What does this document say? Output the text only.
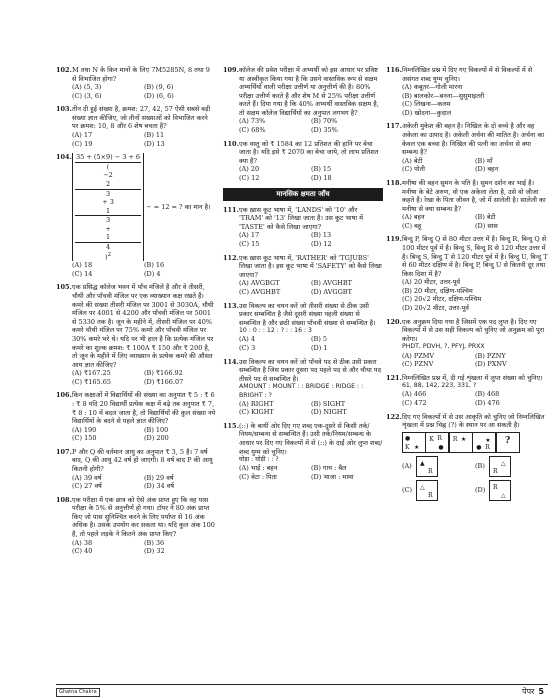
102. M तथा N के किन मानों के लिए 7M5285N, 8 तथा 9 से विभाजित होगा?
(A) (5, 3)	(B) (9, 6)
(C) (3, 6)	(D) (6, 6)
103. तीन दी हुई संख्या है, क्रमश: 27, 42, 57 ऐसी सबसे बड़ी संख्या ज्ञात कीजिए, जो तीनों संख्याओं को विभाजित करने पर क्रमश: 10, 8 और 6 शेष बचता है?
(A) 17	(B) 11
(C) 19	(D) 13
104. 35 + (5×9) − 3 + 6
(
−2
2
3
+ 3
1
3
+
1
4
)$^2$ − = 12 = ? का मान है।
(A) 18	(B) 16
(C) 14	(D) 4
105. एक प्रसिद्ध कॉलेज भवन में पाँच मंजिले है और वे तीसरी, चौथी और पाँचवी मंजिल पर एक व्याख्यान कक्ष रखते हैं। कमरे की संख्या तीसरी मंजिल पर 3001 से 3030A, चौथी मंजिल पर 4001 से 4200 और पाँचवी मंजिल पर 5001 से 5330 तक है। जून के महीने में, तीसरी मंजिल पर 40% कमरे चौथी मंजिल पर 75% कमरे और पाँचवी मंजिल पर 30% कमरे भरे थे। यदि पर भी हाल है कि प्रत्येक मंजिल पर कमरे का शुल्क क्रमश: ₹ 100A ₹ 150 और ₹ 200 है, तो जून के महीने में लिए व्याख्यान के प्रत्येक कमरे की औसत आय ज्ञात कीजिए?
(A) ₹167.25	(B) ₹166.92
(C) ₹165.65	(D) ₹166.07
106. किन कक्षाओं में विद्यार्थियों की संख्या का अनुपात ₹ 5 : ₹ 6 : ₹ 8 यदि 20 विद्यार्थी प्रत्येक कक्ष में बढ़े तब अनुपात ₹ 7, ₹ 8 : 10 में बदल जाता है, तो विद्यार्थियों की कुल संख्या नये विद्यार्थियों के बदने से पहले ज्ञात कीजिए?
(A) 190	(B) 100
(C) 150	(D) 200
107. P और Q की वर्तमान आयु का अनुपात ₹ 3, 5 है। 7 वर्ष बाद, Q की आयु 42 वर्ष हो जाएगी। 8 वर्ष बाद P की आयु कितनी होगी?
(A) 39 वर्ष	(B) 29 वर्ष
(C) 27 वर्ष	(D) 34 वर्ष
108. एक परीक्षा में एक छात्र को ऐसे अंक प्राप्त हुए कि वह पास परीक्षा के 5% से अनुत्तीर्ण हो गया। टॉपर ने 80 अंक प्राप्त किए जो पास सुनिश्चित करने के लिए पर्याप्त से 16 अंक अधिक है। उसके उपयोग कर सकता था। यदि कुल अंक 100 है, तो पहले लड़के ने कितने अंक प्राप्त किए?
(A) 38	(B) 36
(C) 40	(D) 32
109. कॉलेज की प्रवेश परीक्षा में अभ्यर्थी को इस आधार पर प्रविष्ट या अस्वीकृत किया गया है कि उसने वास्तविक रूप से सक्षम अभ्यर्थियों वाली परीक्षा उत्तीर्ण या अनुत्तीर्ण की है। 80% परीक्षा उत्तीर्ण करते है और शेष M से 25% परीक्षा उत्तीर्ण करते हैं। दिया गया है कि 40% अभ्यर्थी वास्तविक सक्षम है, तो सक्षम कॉलेज विद्यार्थियों का अनुपात लगभग है?
(A) 73%	(B) 70%
(C) 68%	(D) 35%
110. एक वस्तु को ₹ 1584 का 12 प्रतिशत की हानि पर बेचा जाता है। यदि इसे ₹ 2070 का बेचा जाये, तो लाभ प्रतिशत क्या है?
(A) 20	(B) 15
(C) 12	(D) 18
मानसिक क्षमता जाँच
111. एक ख़ास कूट भाषा में, 'LANDS' को '10' और 'TRAM' को '13' लिखा जाता है। उस कूट भाषा में 'TASTE' को कैसे लिखा जाएगा?
(A) 17	(B) 13
(C) 15	(D) 12
112. एक ख़ास कूट भाषा में, 'RATHER' को 'TGJUBS' लिखा जाता है। इस कूट भाषा में 'SAFETY' को कैसे लिखा जाएगा?
(A) AVGBGT	(B) AVGHBT
(C) AVGHBT	(D) AVGGBT
113. उस विकल्प का चयन करें जो तीसरी संख्या से ठीक उसी प्रकार सम्बन्धित है जैसे दूसरी संख्या पहली संख्या से सम्बन्धित है और छठी संख्या पाँचवी संख्या से सम्बन्धित है।
10 : 0 : : 12 : ? : : 16 : 3
(A) 4	(B) 5
(C) 3	(D) 1
114. उस विकल्प का चयन करें जो पाँचवे पद से ठीक उसी प्रकार सम्बन्धित है जिस प्रकार दूसरा पद पहले पद से और चौथा पद तीसरे पद से सम्बन्धित है।
AMOUNT : MOUNT : : BRIDGE : RIDGE : : BRIGHT : ?
(A) RIGHT	(B) SIGHT
(C) KIGHT	(D) NIGHT
115. (::) के बायीं ओर दिए गए शब्द एक-दूसरे से किसी तर्क/नियम/सम्बन्ध से सम्बन्धित हैं। उसी तर्क/नियम/सम्बन्ध के आधार पर दिए गए विकल्पों में से (::) के दाईं ओर लुप्त शब्द/शब्द युग्म को चुनिए।
घोड़ा : घोड़ी : : ?
(A) भाई : बहन	(B) गाय : बैल
(C) बेटा : पिता	(D) भाजा : मामा
116. निम्नलिखित प्रश्न में दिए गए विकल्पों में से विकल्पों में से असंगत शब्द युग्म चुनिए।
(A) कबूतर—गोली मारना
(B) बालकोर—बनना—सुसुमाइतरी
(C) लिखना—कलम
(D) खोदना—कुदाल
117. अकेली मुकेश की बहन है। निखिल के दो बच्चे है और वह अकेला का उत्पाद है। अकेली अर्चना की मातित है। अर्चना का केवल एक बच्चा है। निखिल की पत्नी का अर्चना से क्या सम्बन्ध है?
(A) बेटी	(B) माँ
(C) पोती	(D) बहन
118. मनीषा की बहन सुमन के पति है। सुमन दर्शन का भाई है। मनीषा के बेटे अरुण, वो एक अकेला लेता है, उसे वो जीजा कहते हैं। रेखा के पिता जीवन है, जो में सालेली है। सालेली का मनीषा से क्या सम्बन्ध है?
(A) बहन	(B) बेटी
(C) बहू	(D) सास
119. बिन्दु P, बिन्दु Q से 80 मीटर उत्तर में है। बिन्दु R, बिन्दु Q से 100 मीटर पूर्व में है। बिन्दु S, बिन्दु R से 120 मीटर उत्तर में है। बिन्दु S, बिन्दु T से 120 मीटर पूर्व में है। बिन्दु U, बिन्दु T से 60 मीटर दक्षिण में है। बिन्दु P, बिन्दु U से कितनी दूर तथा किस दिशा में है?
(A) 20 मीटर, उत्तर-पूर्व
(B) 20 मीटर, दक्षिण-पश्चिम
(C) 20√2 मीटर, दक्षिण-पश्चिम
(D) 20√2 मीटर, उत्तर-पूर्व
120. एक अनुक्रम दिया गया है जिसमें एक पद लुप्त है। दिए गए विकल्पों में से उस सही विकल्प को चुनिए जो अनुक्रम को पूरा करेगा।
PHDT, PDVH, ?, PFYJ, PRXX
(A) PZMV	(B) PZNY
(C) PZNV	(D) PXNV
121. निम्नलिखित प्रश्न में, दी गई शृंखला में लुप्त संख्या को चुनिए।
61, 88, 142, 223, 331, ?
(A) 466	(B) 468
(C) 472	(D) 476
122. दिए गए विकल्पों में से उस आकृति को चुनिए जो निम्नलिखित शृंखला में प्रश्न चिह्न (?) के स्थान पर आ सकती है।
●
K ★
K R
●
R ★
●
★
R
?
(A)	▲
R
(B)	△
R
(C)	△
R
(D)	R
△
Ghatna Chakra	पेपर 5
